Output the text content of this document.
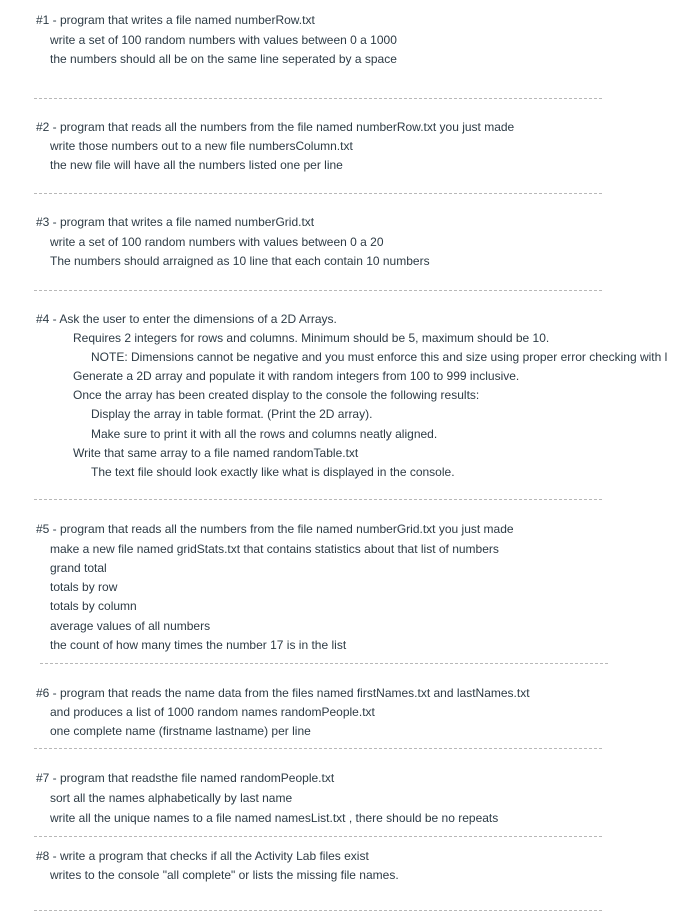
#1 - program that writes a file named numberRow.txt
write a set of 100 random numbers with values between 0 a 1000
the numbers should all be on the same line seperated by a space
#2 - program that reads all the numbers from the file named numberRow.txt you just made
write those numbers out to a new file numbersColumn.txt
the new file will have all the numbers listed one per line
#3 - program that writes a file named numberGrid.txt
write a set of 100 random numbers with values between 0 a 20
The numbers should arraigned as 10 line that each contain 10 numbers
#4 - Ask the user to enter the dimensions of a 2D Arrays.
Requires 2 integers for rows and columns. Minimum should be 5, maximum should be 10.
NOTE: Dimensions cannot be negative and you must enforce this and size using proper error checking with l
Generate a 2D array and populate it with random integers from 100 to 999 inclusive.
Once the array has been created display to the console the following results:
Display the array in table format. (Print the 2D array).
Make sure to print it with all the rows and columns neatly aligned.
Write that same array to a file named randomTable.txt
The text file should look exactly like what is displayed in the console.
#5 - program that reads all the numbers from the file named numberGrid.txt you just made
make a new file named gridStats.txt that contains statistics about that list of numbers
grand total
totals by row
totals by column
average values of all numbers
the count of how many times the number 17 is in the list
#6 - program that reads the name data from the files named firstNames.txt and lastNames.txt
and produces a list of 1000 random names randomPeople.txt
one complete name (firstname lastname) per line
#7 - program that readsthe file named randomPeople.txt
sort all the names alphabetically by last name
write all the unique names to a file named namesList.txt , there should be no repeats
#8 - write a program that checks if all the Activity Lab files exist
writes to the console "all complete" or lists the missing file names.
